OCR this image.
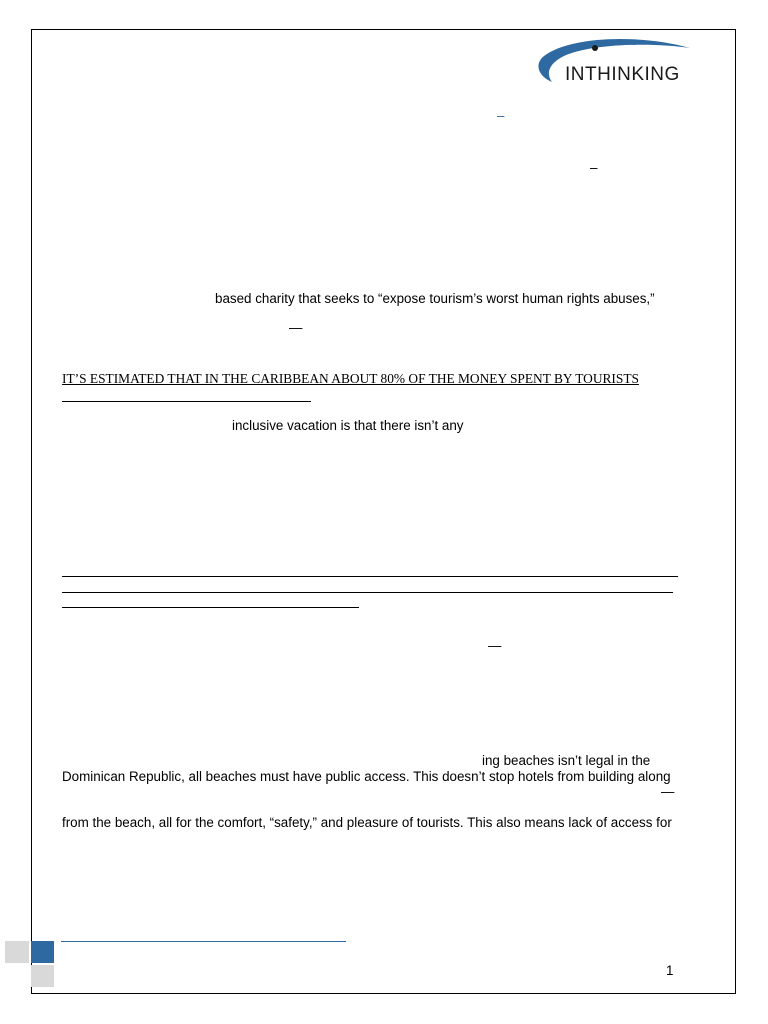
INTHINKING
–
–
based charity that seeks to “expose tourism’s worst human rights abuses,”
—
IT’S ESTIMATED THAT IN THE CARIBBEAN ABOUT 80% OF THE MONEY SPENT BY TOURISTS
inclusive vacation is that there isn’t any
—
ing beaches isn’t legal in the
Dominican Republic, all beaches must have public access. This doesn’t stop hotels from building along
—
from the beach, all for the comfort, “safety,” and pleasure of tourists. This also means lack of access for
1
